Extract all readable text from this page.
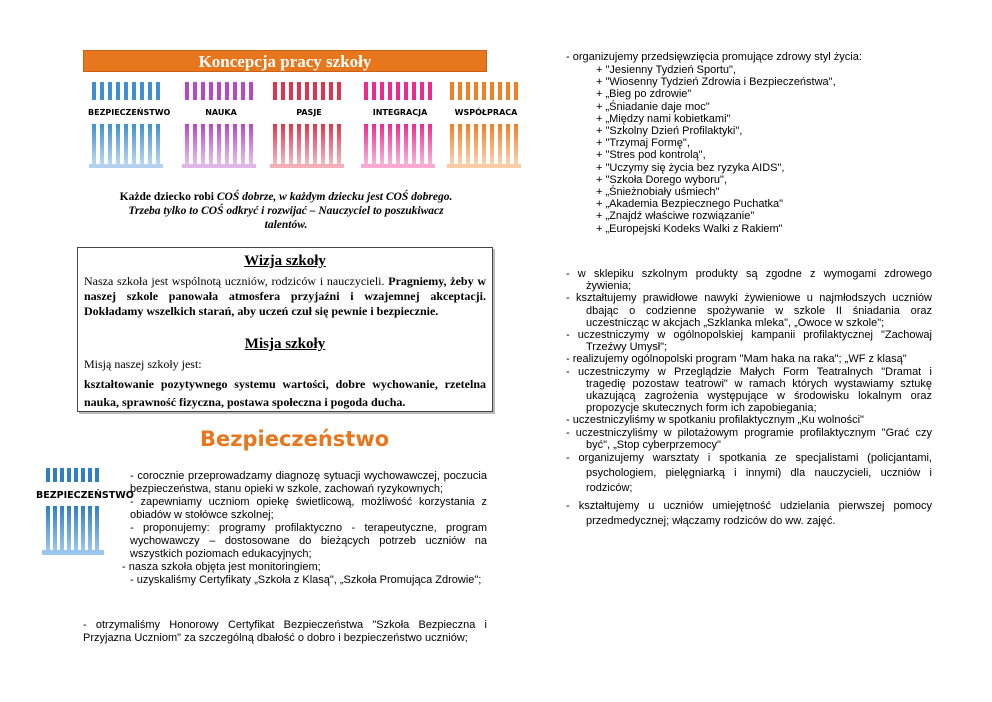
Koncepcja pracy szkoły
BEZPIECZEŃSTWO	NAUKA	PASJE	INTEGRACJA	WSPÓŁPRACA
Każde dziecko robi COŚ dobrze, w każdym dziecku jest COŚ dobrego.
Trzeba tylko to COŚ odkryć i rozwijać – Nauczyciel to poszukiwacz
talentów.
Wizja szkoły
Nasza szkoła jest wspólnotą uczniów, rodziców i nauczycieli. Pragniemy, żeby w naszej szkole panowała atmosfera przyjaźni i wzajemnej akceptacji. Dokładamy wszelkich starań, aby uczeń czuł się pewnie i bezpiecznie.
Misja szkoły
Misją naszej szkoły jest:
kształtowanie pozytywnego systemu wartości, dobre wychowanie, rzetelna nauka, sprawność fizyczna, postawa społeczna i pogoda ducha.
Bezpieczeństwo
BEZPIECZEŃSTWO
- corocznie przeprowadzamy diagnozę sytuacji wychowawczej, poczucia bezpieczeństwa, stanu opieki w szkole, zachowań ryzykownych;
- zapewniamy uczniom opiekę świetlicową, możliwość korzystania z obiadów w stołówce szkolnej;
- proponujemy: programy profilaktyczno - terapeutyczne, program wychowawczy – dostosowane do bieżących potrzeb uczniów na wszystkich poziomach edukacyjnych;
- nasza szkoła objęta jest monitoringiem;
- uzyskaliśmy Certyfikaty „Szkoła z Klasą", „Szkoła Promująca Zdrowie";
- otrzymaliśmy Honorowy Certyfikat Bezpieczeństwa "Szkoła Bezpieczna i Przyjazna Uczniom" za szczególną dbałość o dobro i bezpieczeństwo uczniów;
- organizujemy przedsięwzięcia promujące zdrowy styl życia:
+ "Jesienny Tydzień Sportu",
+ "Wiosenny Tydzień Zdrowia i Bezpieczeństwa",
+ „Bieg po zdrowie"
+ „Śniadanie daje moc"
+ „Między nami kobietkami"
+ "Szkolny Dzień Profilaktyki",
+ "Trzymaj Formę",
+ "Stres pod kontrolą",
+ "Uczymy się życia bez ryzyka AIDS",
+ "Szkoła Dorego wyboru",
+ „Śnieżnobiały uśmiech"
+ „Akademia Bezpiecznego Puchatka"
+ „Znajdź właściwe rozwiązanie"
+ „Europejski Kodeks Walki z Rakiem"
- w sklepiku szkolnym produkty są zgodne z wymogami zdrowego żywienia;
- kształtujemy prawidłowe nawyki żywieniowe u najmłodszych uczniów dbając o codzienne spożywanie w szkole II śniadania oraz uczestnicząc w akcjach „Szklanka mleka", „Owoce w szkole";
- uczestniczymy w ogólnopolskiej kampanii profilaktycznej "Zachowaj Trzeźwy Umysł";
- realizujemy ogólnopolski program "Mam haka na raka"; „WF z klasą"
- uczestniczymy w Przeglądzie Małych Form Teatralnych "Dramat i tragedię pozostaw teatrowi" w ramach których wystawiamy sztukę ukazującą zagrożenia występujące w środowisku lokalnym oraz propozycje skutecznych form ich zapobiegania;
- uczestniczyliśmy w spotkaniu profilaktycznym „Ku wolności"
- uczestniczyliśmy w pilotażowym programie profilaktycznym "Grać czy być", „Stop cyberprzemocy"
- organizujemy warsztaty i spotkania ze specjalistami (policjantami, psychologiem, pielęgniarką i innymi) dla nauczycieli, uczniów i rodziców;
- kształtujemy u uczniów umiejętność udzielania pierwszej pomocy przedmedycznej; włączamy rodziców do ww. zajęć.
